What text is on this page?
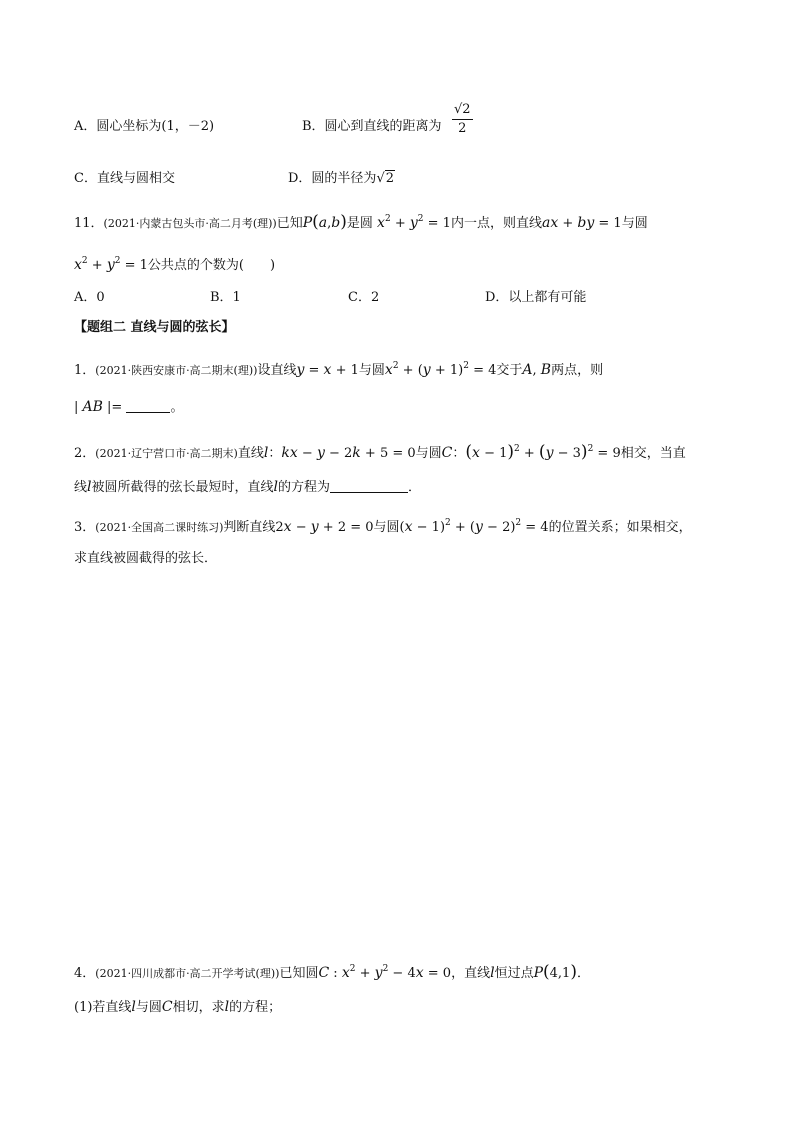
A．圆心坐标为(1，－2)	B．圆心到直线的距离为 $\frac{√2}{2}$
C．直线与圆相交	D．圆的半径为√2
11．(2021·内蒙古包头市·高二月考(理))已知P(a,b)是圆 $x^2 + y^2 = 1$内一点，则直线ax + by = 1与圆
$x^2 + y^2 = 1$公共点的个数为(　　)
A．0	B．1	C．2	D．以上都有可能
【题组二 直线与圆的弦长】
1．(2021·陕西安康市·高二期末(理))设直线y = x + 1与圆$x^2 + (y + 1)^2 = 4$交于A, B两点，则
| AB |=	。
2．(2021·辽宁营口市·高二期末)直线l：kx − y − 2k + 5 = 0与圆C：$(x - 1)^2 + (y - 3)^2 = 9$相交，当直
线l被圆所截得的弦长最短时，直线l的方程为	．
3．(2021·全国高二课时练习)判断直线2x − y + 2 = 0与圆$(x - 1)^2 + (y - 2)^2 = 4$的位置关系；如果相交，
求直线被圆截得的弦长．
4．(2021·四川成都市·高二开学考试(理))已知圆C : $x^2 + y^2 - 4x = 0$，直线l恒过点P(4,1)．
(1)若直线l与圆C相切，求l的方程；
